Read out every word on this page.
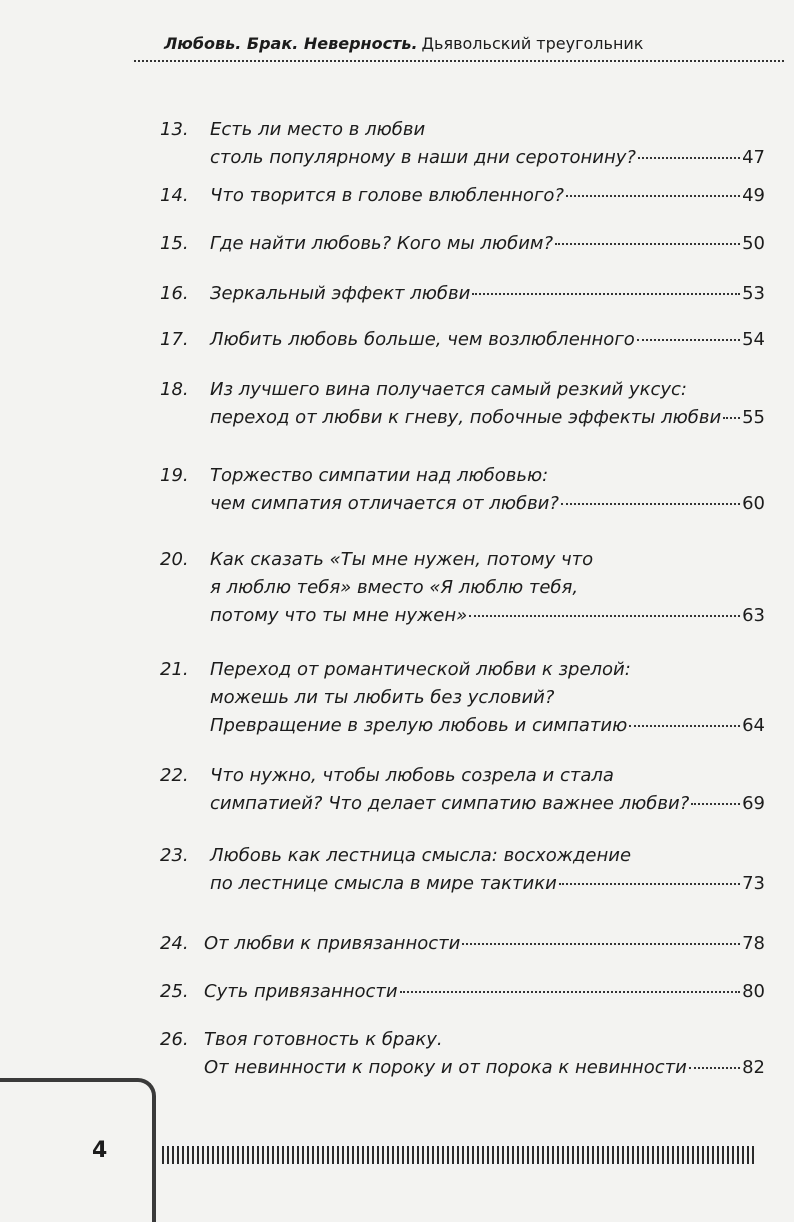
Любовь. Брак. Неверность. Дьявольский треугольник
13.	Есть ли место в любви
столь популярному в наши дни серотонину?	47
14.	Что творится в голове влюбленного?	49
15.	Где найти любовь? Кого мы любим?	50
16.	Зеркальный эффект любви	53
17.	Любить любовь больше, чем возлюбленного	54
18.	Из лучшего вина получается самый резкий уксус:
переход от любви к гневу, побочные эффекты любви 55
19.	Торжество симпатии над любовью:
чем симпатия отличается от любви?	60
20.	Как сказать «Ты мне нужен, потому что
я люблю тебя» вместо «Я люблю тебя,
потому что ты мне нужен»	63
21.	Переход от романтической любви к зрелой:
можешь ли ты любить без условий?
Превращение в зрелую любовь и симпатию	64
22.	Что нужно, чтобы любовь созрела и стала
симпатией? Что делает симпатию важнее любви?	69
23.	Любовь как лестница смысла: восхождение
по лестнице смысла в мире тактики	73
24. От любви к привязанности	78
25. Суть привязанности	80
26. Твоя готовность к браку.
От невинности к пороку и от порока к невинности	82
4
